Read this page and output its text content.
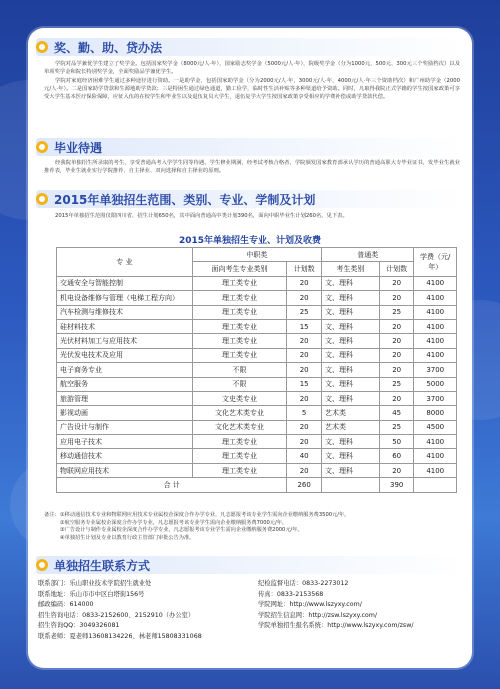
奖、勤、助、贷办法

学院对品学兼优学生建立了奖学金。包括国家奖学金（8000元/人·年），国家励志奖学金（5000元/人·年），院级奖学金（分为1000元、500元、300元三个奖励档次）以及单项奖学金和院长特别奖学金，全面奖励品学兼优学生。

学院对家庭经济困难学生通过多种途径进行资助。一是助学金，包括国家助学金（分为2000元/人·年，3000元/人·年，4000元/人·年三个资助档次）和广州助学金（2000元/人·年）。二是国家助学贷款和生源地助学贷款；三是特困生通过绿色通道，勤工俭学，临时性生活补贴等多种渠道给予资助。同时，凡取得我院正式学籍的学生按国家政策可享受大学生基本医疗保险保障，应征入伍的在校学生和毕业生以及退伍复员大学生，退伍复学大学生按国家政策享受相应的学费补偿或助学贷款代偿。

毕业待遇

经我院单独招生所录取的考生，享受普通高考入学学生同等待遇。学生修业期满，经考试考核合格者，学院颁发国家教育部承认学历的普通高职大专毕业证书，发毕业生就业推荐表，毕业生就业实行学院推荐、自主择业、双向选择和自主择业的原则。

2015年单独招生范围、类别、专业、学制及计划

2015年单独招生范围仅限四川省，招生计划650名，其中面向普通高中类计划390名，面向中职毕业生计划260名，见下表。

2015年单独招生专业、计划及收费
专 业	中职类		普通类		学费（元/年）
	面向考生专业类别	计划数	考生类别	计划数	
交通安全与智能控制	理工类专业	20	文、理科	20	4100
机电设备维修与管理（电梯工程方向）	理工类专业	20	文、理科	20	4100
汽车检测与维修技术	理工类专业	25	文、理科	25	4100
硅材料技术	理工类专业	15	文、理科	20	4100
光伏材料加工与应用技术	理工类专业	20	文、理科	20	4100
光伏发电技术及应用	理工类专业	20	文、理科	20	4100
电子商务专业	不限	20	文、理科	20	3700
航空服务	不限	15	文、理科	25	5000
旅游管理	文史类专业	20	文、理科	20	3700
影视动画	文化艺术类专业	5	艺术类	45	8000
广告设计与制作	文化艺术类专业	20	艺术类	25	4500
应用电子技术	理工类专业	20	文、理科	50	4100
移动通信技术	理工类专业	40	文、理科	60	4100
物联网应用技术	理工类专业	20	文、理科	20	4100
合 计		260		390	
备注: ①移动通信技术专业和物联网应用技术专业属校企深度合作办学专业，凡志愿报考该专业学生需向企业缴纳服务费3500元/年。
②航空服务专业属校企深度合作办学专业，凡志愿报考该专业学生需向企业缴纳服务费7000元/年。
③广告设计与制作专业属校企深度合作办学专业，凡志愿报考该专业学生需向企业缴纳服务费2000元/年。
④单独招生计划及专业以教育行政主管部门审批公告为准。
单独招生联系方式
联系部门：乐山职业技术学院招生就业处
联系地址：乐山市市中区白塔街156号
邮政编码：614000
招生咨询电话：0833-2152600、2152910（办公室）
招生咨询QQ：3049326081
联系老师：夏老师13608134226、林老师15808331068
纪检监督电话：0833-2273012
传真：0833-2153568
学院网址：http://www.lszyxy.com/
学院招生信息网：http://zsw.lszyxy.com/
学院单独招生报名系统：http://www.lszyxy.com/zsw/
